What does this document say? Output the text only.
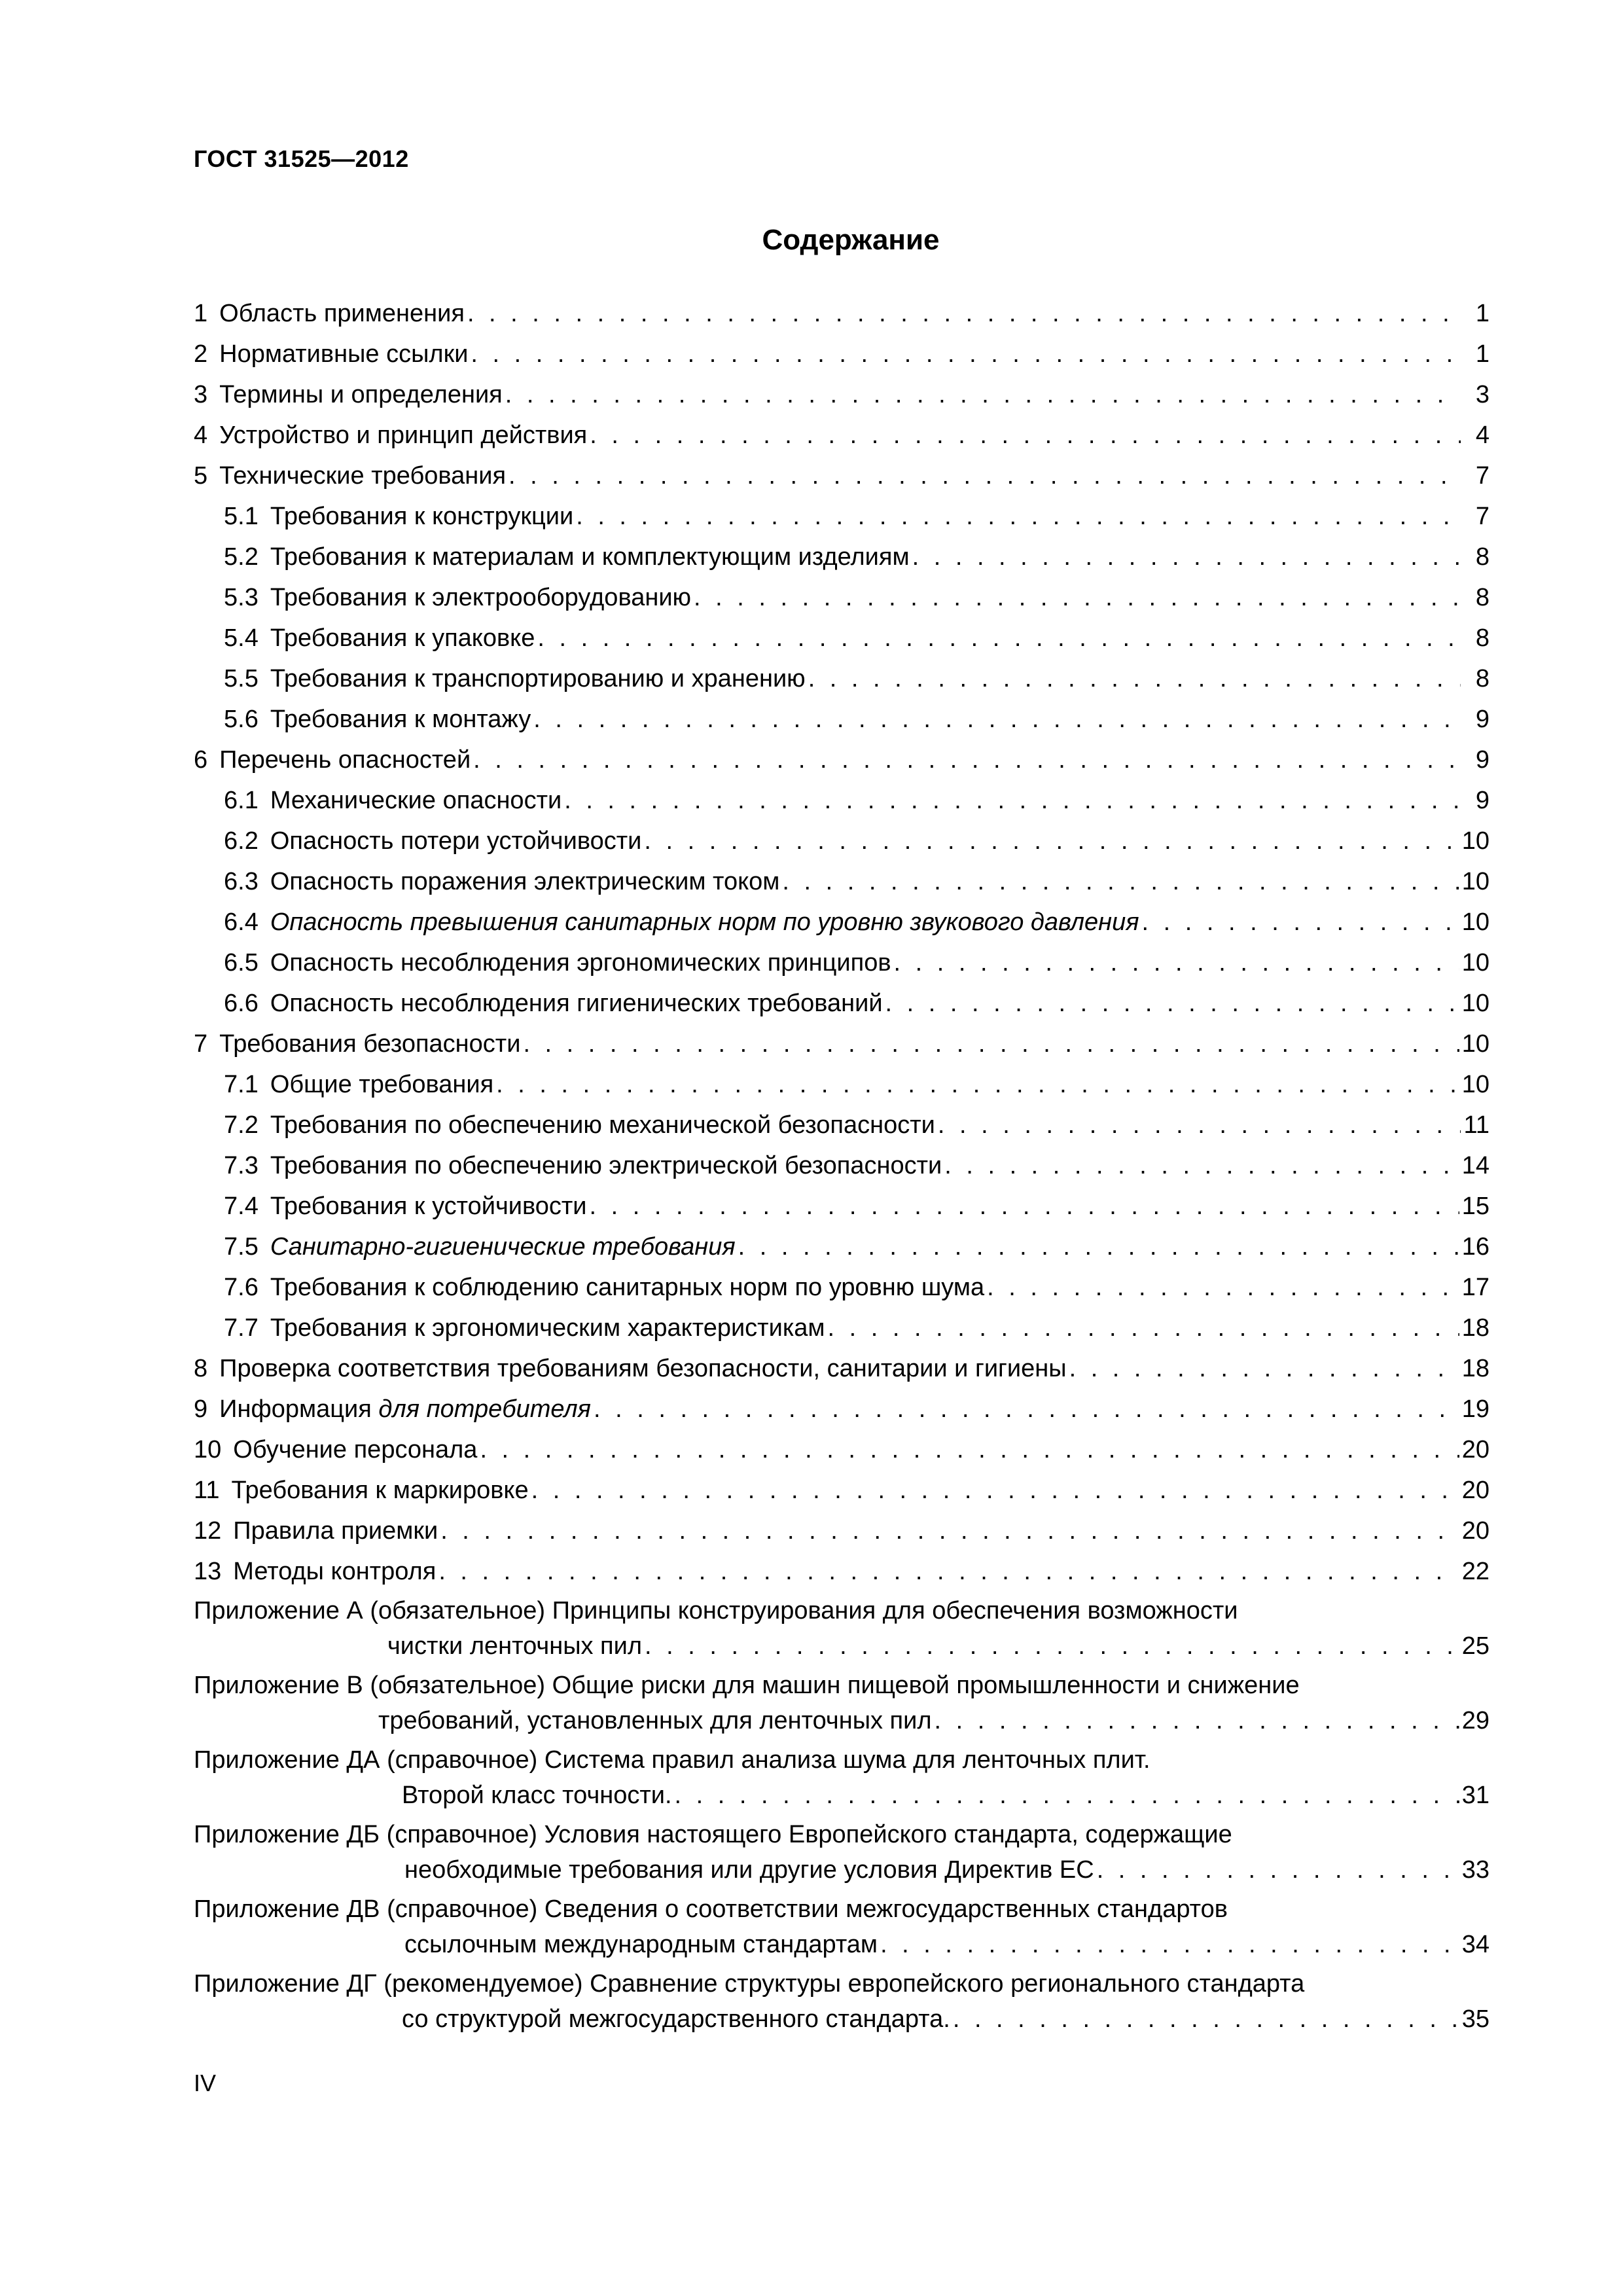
ГОСТ 31525—2012
Содержание
1 Область применения . . .	1
2 Нормативные ссылки . . .	1
3 Термины и определения . . .	3
4 Устройство и принцип действия . . .	4
5 Технические требования . . .	7
5.1 Требования к конструкции . . .	7
5.2 Требования к материалам и комплектующим изделиям . . .	8
5.3 Требования к электрооборудованию . . .	8
5.4 Требования к упаковке . . .	8
5.5 Требования к транспортированию и хранению . . .	8
5.6 Требования к монтажу . . .	9
6 Перечень опасностей . . .	9
6.1 Механические опасности . . .	9
6.2 Опасность потери устойчивости . . .	10
6.3 Опасность поражения электрическим током . . .	10
6.4 Опасность превышения санитарных норм по уровню звукового давления . . .	10
6.5 Опасность несоблюдения эргономических принципов . . .	10
6.6 Опасность несоблюдения гигиенических требований . . .	10
7 Требования безопасности . . .	10
7.1 Общие требования . . .	10
7.2 Требования по обеспечению механической безопасности . . .	11
7.3 Требования по обеспечению электрической безопасности . . .	14
7.4 Требования к устойчивости . . .	15
7.5 Санитарно-гигиенические требования . . .	16
7.6 Требования к соблюдению санитарных норм по уровню шума . . .	17
7.7 Требования к эргономическим характеристикам . . .	18
8 Проверка соответствия требованиям безопасности, санитарии и гигиены . . .	18
9 Информация для потребителя . . .	19
10 Обучение персонала . . .	20
11 Требования к маркировке . . .	20
12 Правила приемки . . .	20
13 Методы контроля . . .	22
Приложение А (обязательное) Принципы конструирования для обеспечения возможности
чистки ленточных пил . . .	25
Приложение В (обязательное) Общие риски для машин пищевой промышленности и снижение
требований, установленных для ленточных пил . . .	29
Приложение ДА (справочное) Система правил анализа шума для ленточных плит.
Второй класс точности. . . .	31
Приложение ДБ (справочное) Условия настоящего Европейского стандарта, содержащие
необходимые требования или другие условия Директив ЕС . . .	33
Приложение ДВ (справочное) Сведения о соответствии межгосударственных стандартов
ссылочным международным стандартам . . .	34
Приложение ДГ (рекомендуемое) Сравнение структуры европейского регионального стандарта
со структурой межгосударственного стандарта. . . .	35
IV
